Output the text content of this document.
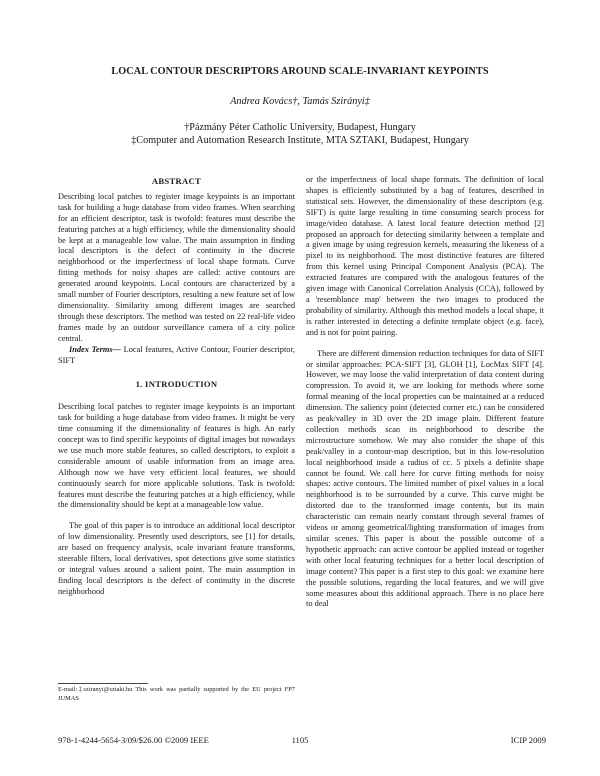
LOCAL CONTOUR DESCRIPTORS AROUND SCALE-INVARIANT KEYPOINTS
Andrea Kovács†, Tamás Szirányi‡
†Pázmány Péter Catholic University, Budapest, Hungary
‡Computer and Automation Research Institute, MTA SZTAKI, Budapest, Hungary
ABSTRACT

Describing local patches to register image keypoints is an important task for building a huge database from video frames. When searching for an efficient descriptor, task is twofold: features must describe the featuring patches at a high efficiency, while the dimensionality should be kept at a manageable low value. The main assumption in finding local descriptors is the defect of continuity in the discrete neighborhood or the imperfectness of local shape formats. Curve fitting methods for noisy shapes are called: active contours are generated around keypoints. Local contours are characterized by a small number of Fourier descriptors, resulting a new feature set of low dimensionality. Similarity among different images are searched through these descriptors. The method was tested on 22 real-life video frames made by an outdoor surveillance camera of a city police central.

Index Terms— Local features, Active Contour, Fourier descriptor, SIFT

1. INTRODUCTION

Describing local patches to register image keypoints is an important task for building a huge database from video frames. It might be very time consuming if the dimensionality of features is high. An early concept was to find specific keypoints of digital images but nowadays we use much more stable features, so called descriptors, to exploit a considerable amount of usable information from an image area. Although now we have very efficient local features, we should continuously search for more applicable solutions. Task is twofold: features must describe the featuring patches at a high efficiency, while the dimensionality should be kept at a manageable low value.

The goal of this paper is to introduce an additional local descriptor of low dimensionality. Presently used descriptors, see [1] for details, are based on frequency analysis, scale invariant feature transforms, steerable filters, local derivatives, spot detections give some statistics or integral values around a salient point. The main assumption in finding local descriptors is the defect of continuity in the discrete neighborhood

E-mail:‡sziranyi@sztaki.hu This work was partially supported by the EU project FP7 JUMAS

or the imperfectness of local shape formats. The definition of local shapes is efficiently substituted by a bag of features, described in statistical sets. However, the dimensionality of these descriptors (e.g. SIFT) is quite large resulting in time consuming search process for image/video database. A latest local feature detection method [2] proposed an approach for detecting similarity between a template and a given image by using regression kernels, measuring the likeness of a pixel to its neighborhood. The most distinctive features are filtered from this kernel using Principal Component Analysis (PCA). The extracted features are compared with the analogous features of the given image with Canonical Correlation Analysis (CCA), followed by a 'resemblance map' between the two images to produced the probability of similarity. Although this method models a local shape, it is rather interested in detecting a definite template object (e.g. face), and is not for point pairing.

There are different dimension reduction techniques for data of SIFT or similar approaches: PCA-SIFT [3], GLOH [1], LocMax SIFT [4]. However, we may loose the valid interpretation of data content during compression. To avoid it, we are looking for methods where some formal meaning of the local properties can be maintained at a reduced dimension. The saliency point (detected corner etc.) can be considered as peak/valley in 3D over the 2D image plain. Different feature collection methods scan its neighborhood to describe the microstructure somehow. We may also consider the shape of this peak/valley in a contour-map description, but in this low-resolution local neighborhood inside a radius of cc. 5 pixels a definite shape cannot be found. We call here for curve fitting methods for noisy shapes: active contours. The limited number of pixel values in a local neighborhood is to be surrounded by a curve. This curve might be distorted due to the transformed image contents, but its main characteristic can remain nearly constant through several frames of videos or among geometrical/lighting transformation of images from similar scenes. This paper is about the possible outcome of a hypothetic approach: can active contour be applied instead or together with other local featuring techniques for a better local description of image content? This paper is a first step to this goal: we examine here the possible solutions, regarding the local features, and we will give some measures about this additional approach. There is no place here to deal

978-1-4244-5654-3/09/$26.00 ©2009 IEEE	1105	ICIP 2009
